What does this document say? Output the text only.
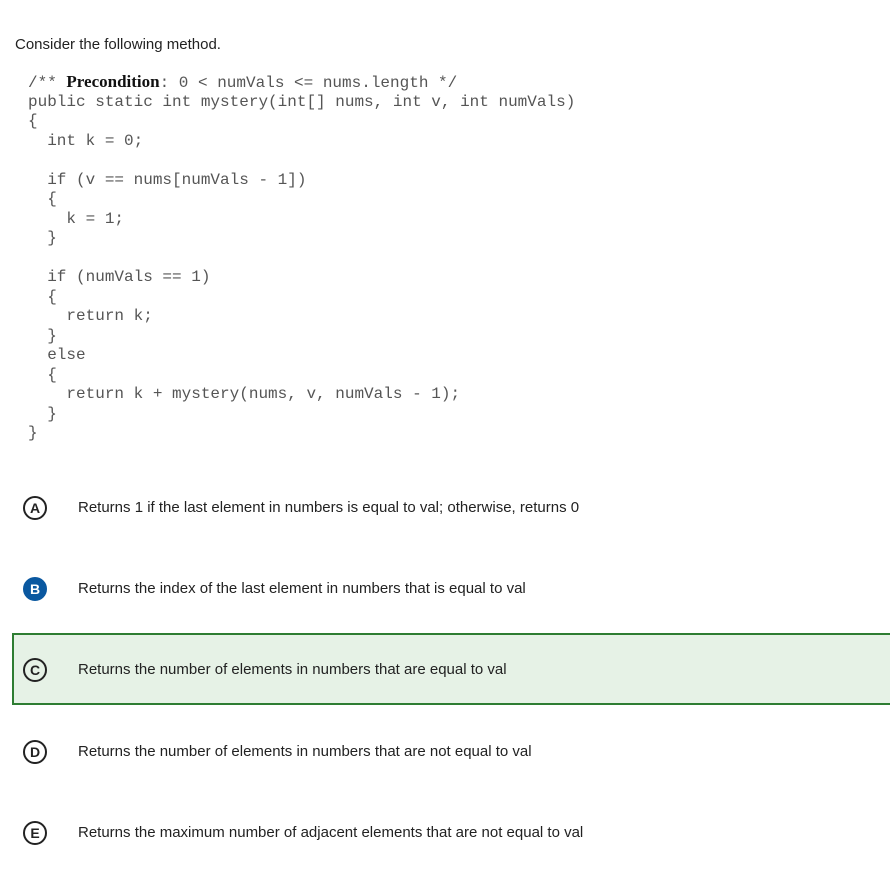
Consider the following method.
/** Precondition: 0 < numVals <= nums.length */
public static int mystery(int[] nums, int v, int numVals)
{
int k = 0;
if (v == nums[numVals - 1])
{
k = 1;
}
if (numVals == 1)
{
return k;
}
else
{
return k + mystery(nums, v, numVals - 1);
}
}
A	Returns 1 if the last element in numbers is equal to val; otherwise, returns 0
B	Returns the index of the last element in numbers that is equal to val
C	Returns the number of elements in numbers that are equal to val
D	Returns the number of elements in numbers that are not equal to val
E	Returns the maximum number of adjacent elements that are not equal to val
